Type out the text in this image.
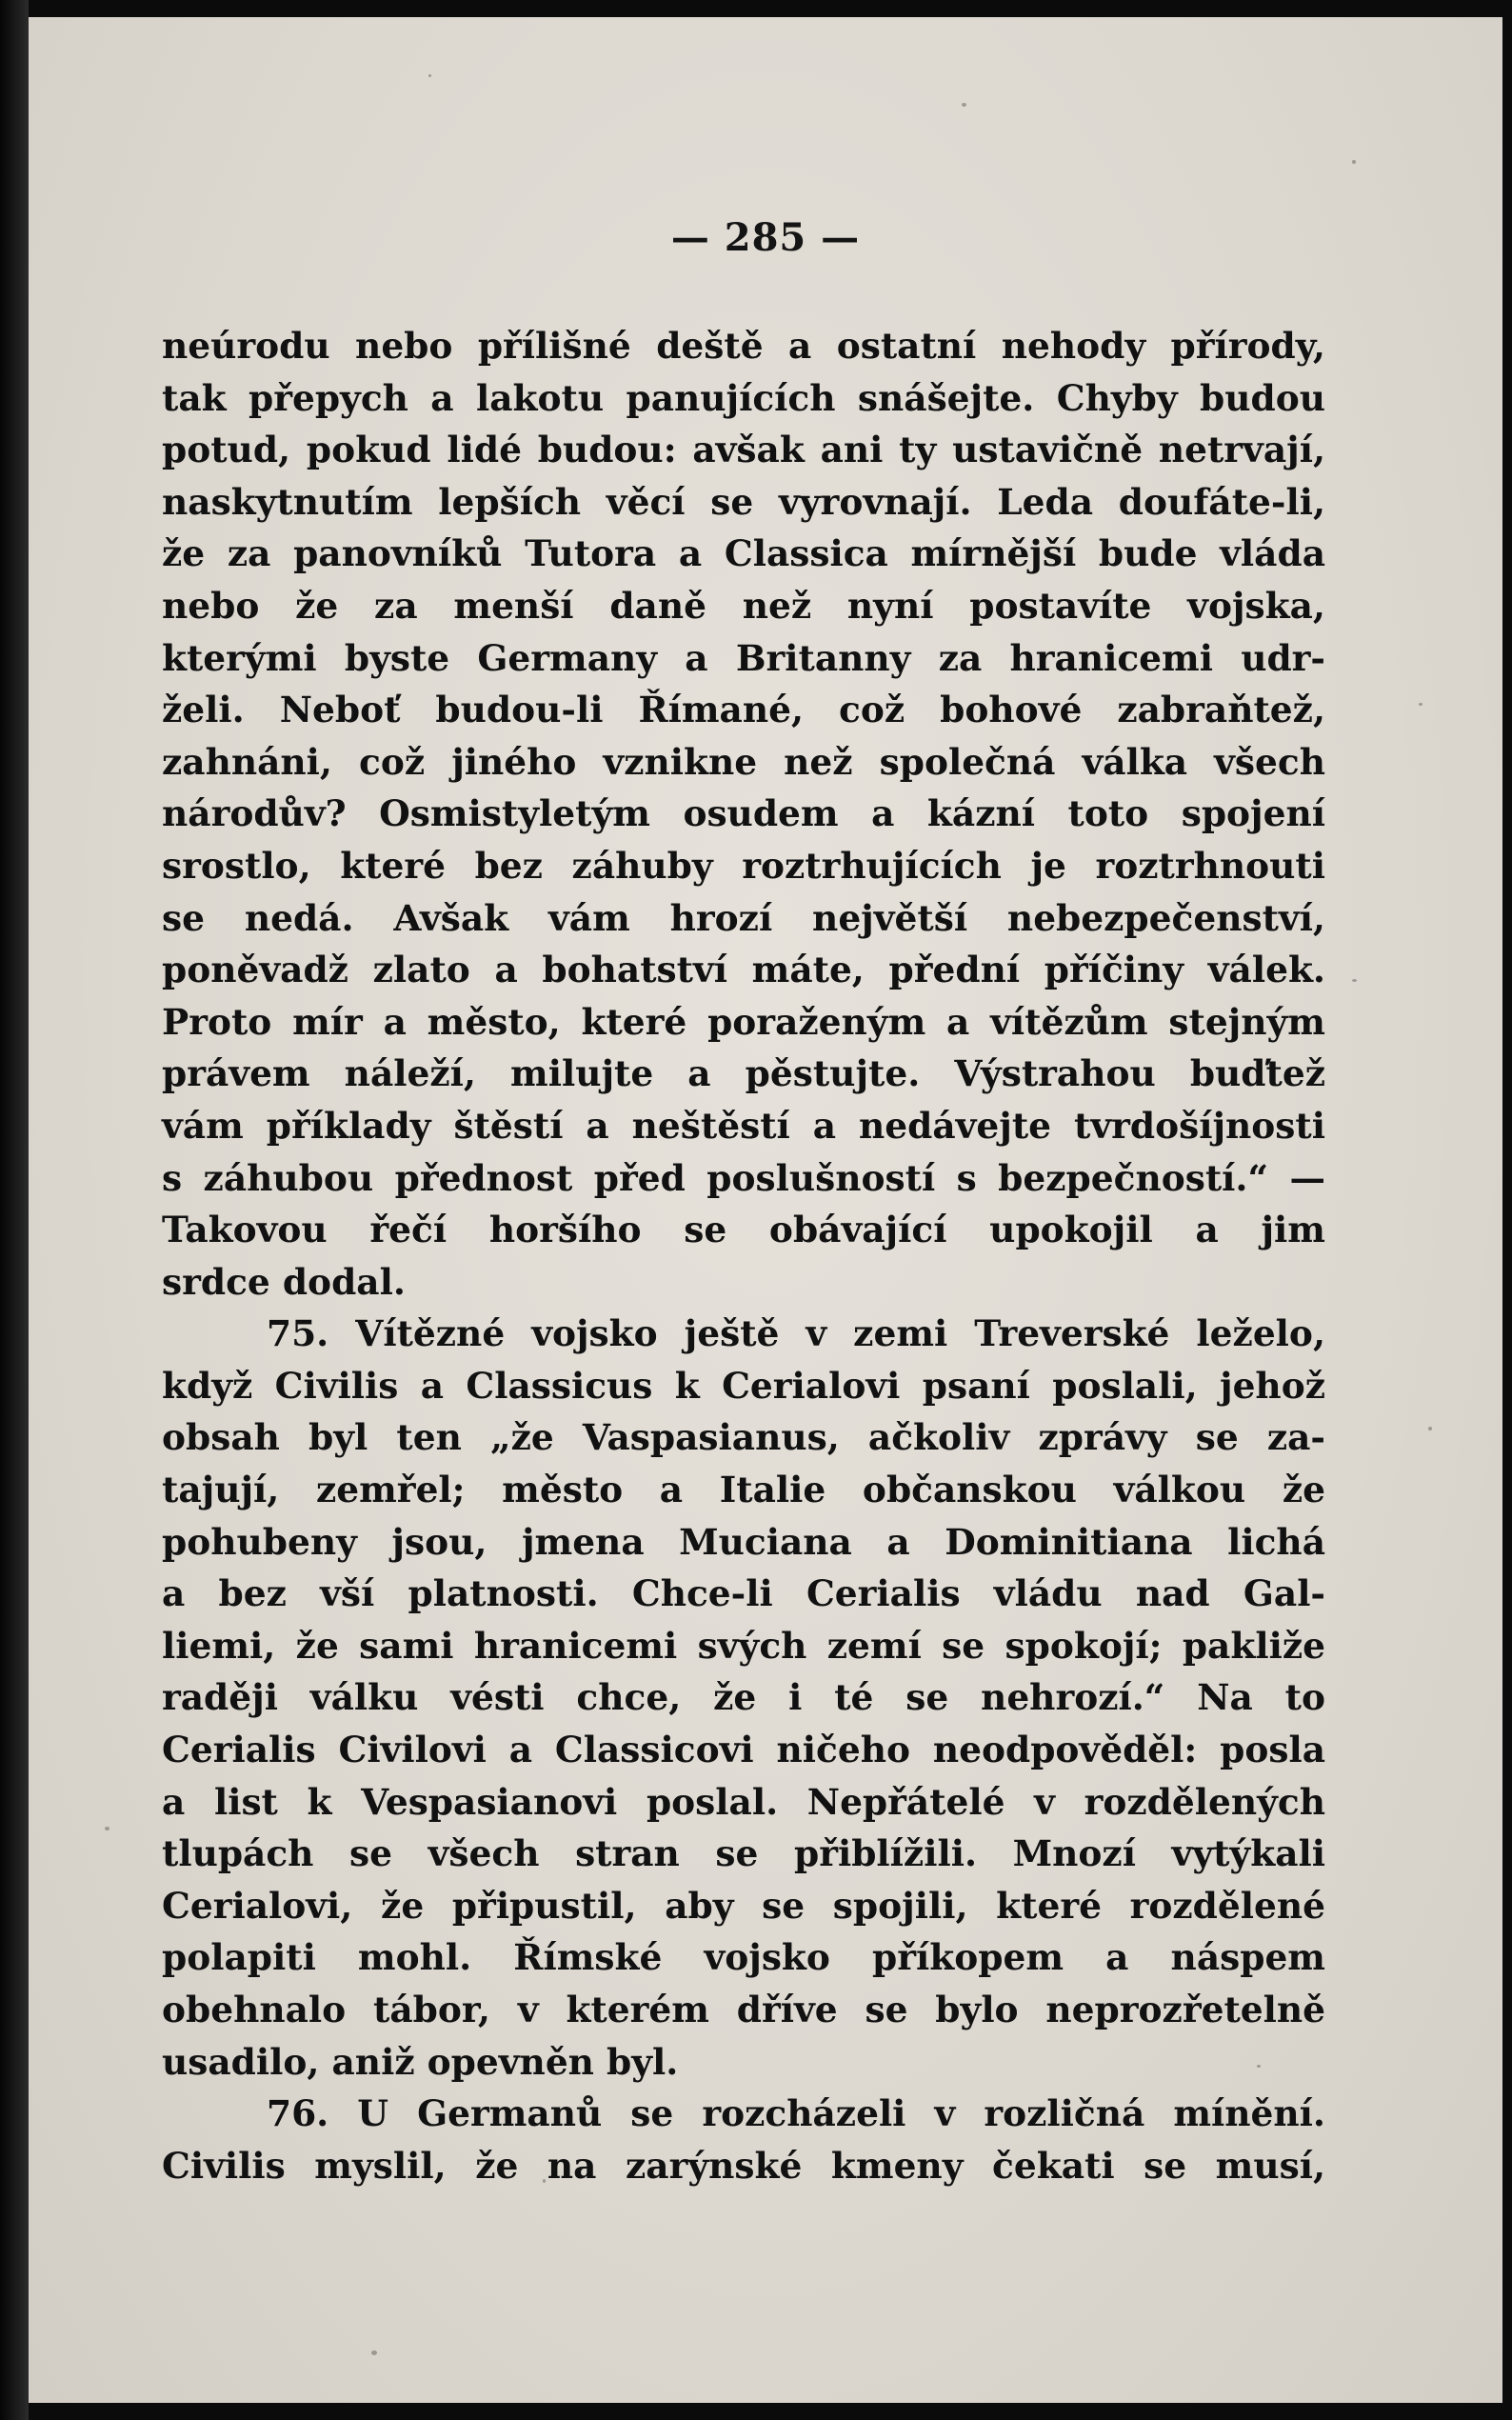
— 285 —
neúrodu nebo přílišné deště a ostatní nehody přírody,
tak přepych a lakotu panujících snášejte. Chyby budou
potud, pokud lidé budou: avšak ani ty ustavičně netrvají,
naskytnutím lepších věcí se vyrovnají. Leda doufáte-li,
že za panovníků Tutora a Classica mírnější bude vláda
nebo že za menší daně než nyní postavíte vojska,
kterými byste Germany a Britanny za hranicemi udr-
želi. Neboť budou-li Římané, což bohové zabraňtež,
zahnáni, což jiného vznikne než společná válka všech
národův? Osmistyletým osudem a kázní toto spojení
srostlo, které bez záhuby roztrhujících je roztrhnouti
se nedá. Avšak vám hrozí největší nebezpečenství,
poněvadž zlato a bohatství máte, přední příčiny válek.
Proto mír a město, které poraženým a vítězům stejným
právem náleží, milujte a pěstujte. Výstrahou buďtež
vám příklady štěstí a neštěstí a nedávejte tvrdošíjnosti
s záhubou přednost před poslušností s bezpečností.“ —
Takovou řečí horšího se obávající upokojil a jim
srdce dodal.
75. Vítězné vojsko ještě v zemi Treverské leželo,
když Civilis a Classicus k Cerialovi psaní poslali, jehož
obsah byl ten „že Vaspasianus, ačkoliv zprávy se za-
tajují, zemřel; město a Italie občanskou válkou že
pohubeny jsou, jmena Muciana a Dominitiana lichá
a bez vší platnosti. Chce-li Cerialis vládu nad Gal-
liemi, že sami hranicemi svých zemí se spokojí; pakliže
raději válku vésti chce, že i té se nehrozí.“ Na to
Cerialis Civilovi a Classicovi ničeho neodpověděl: posla
a list k Vespasianovi poslal. Nepřátelé v rozdělených
tlupách se všech stran se přiblížili. Mnozí vytýkali
Cerialovi, že připustil, aby se spojili, které rozdělené
polapiti mohl. Římské vojsko příkopem a náspem
obehnalo tábor, v kterém dříve se bylo neprozřetelně
usadilo, aniž opevněn byl.
76. U Germanů se rozcházeli v rozličná mínění.
Civilis myslil, že na zarýnské kmeny čekati se musí,
